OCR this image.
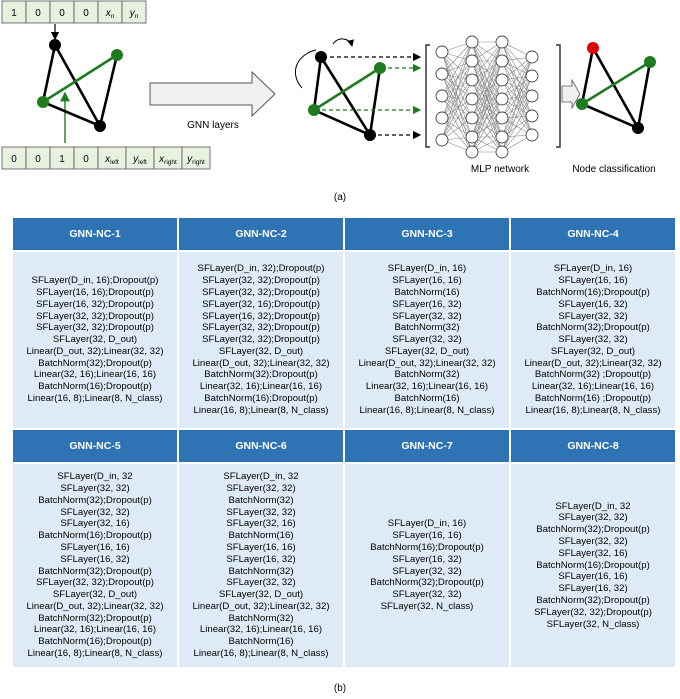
1 0 0 0 $x_n$ $y_n$
0 0 1 0 $x_{left}$ $y_{left}$ $x_{right}$ $y_{right}$
GNN layers
MLP network	Node classification
(a)
GNN-NC-1
SFLayer(D_in, 16);Dropout(p)
SFLayer(16, 16);Dropout(p)
SFLayer(16, 32);Dropout(p)
SFLayer(32, 32);Dropout(p)
SFLayer(32, 32);Dropout(p)
SFLayer(32, D_out)
Linear(D_out, 32);Linear(32, 32)
BatchNorm(32);Dropout(p)
Linear(32, 16);Linear(16, 16)
BatchNorm(16);Dropout(p)
Linear(16, 8);Linear(8, N_class)
GNN-NC-2
SFLayer(D_in, 32);Dropout(p)
SFLayer(32, 32);Dropout(p)
SFLayer(32, 32);Dropout(p)
SFLayer(32, 16);Dropout(p)
SFLayer(16, 32);Dropout(p)
SFLayer(32, 32);Dropout(p)
SFLayer(32, 32);Dropout(p)
SFLayer(32, D_out)
Linear(D_out, 32);Linear(32, 32)
BatchNorm(32);Dropout(p)
Linear(32, 16);Linear(16, 16)
BatchNorm(16);Dropout(p)
Linear(16, 8);Linear(8, N_class)
GNN-NC-3
SFLayer(D_in, 16)
SFLayer(16, 16)
BatchNorm(16)
SFLayer(16, 32)
SFLayer(32, 32)
BatchNorm(32)
SFLayer(32, 32)
SFLayer(32, D_out)
Linear(D_out, 32);Linear(32, 32)
BatchNorm(32)
Linear(32, 16);Linear(16, 16)
BatchNorm(16)
Linear(16, 8);Linear(8, N_class)
GNN-NC-4
SFLayer(D_in, 16)
SFLayer(16, 16)
BatchNorm(16);Dropout(p)
SFLayer(16, 32)
SFLayer(32, 32)
BatchNorm(32);Dropout(p)
SFLayer(32, 32)
SFLayer(32, D_out)
Linear(D_out, 32);Linear(32, 32)
BatchNorm(32) ;Dropout(p)
Linear(32, 16);Linear(16, 16)
BatchNorm(16) ;Dropout(p)
Linear(16, 8);Linear(8, N_class)
GNN-NC-5
SFLayer(D_in, 32
SFLayer(32, 32)
BatchNorm(32);Dropout(p)
SFLayer(32, 32)
SFLayer(32, 16)
BatchNorm(16);Dropout(p)
SFLayer(16, 16)
SFLayer(16, 32)
BatchNorm(32);Dropout(p)
SFLayer(32, 32);Dropout(p)
SFLayer(32, D_out)
Linear(D_out, 32);Linear(32, 32)
BatchNorm(32);Dropout(p)
Linear(32, 16);Linear(16, 16)
BatchNorm(16);Dropout(p)
Linear(16, 8);Linear(8, N_class)
GNN-NC-6
SFLayer(D_in, 32
SFLayer(32, 32)
BatchNorm(32)
SFLayer(32, 32)
SFLayer(32, 16)
BatchNorm(16)
SFLayer(16, 16)
SFLayer(16, 32)
BatchNorm(32)
SFLayer(32, 32)
SFLayer(32, D_out)
Linear(D_out, 32);Linear(32, 32)
BatchNorm(32)
Linear(32, 16);Linear(16, 16)
BatchNorm(16)
Linear(16, 8);Linear(8, N_class)
GNN-NC-7
SFLayer(D_in, 16)
SFLayer(16, 16)
BatchNorm(16);Dropout(p)
SFLayer(16, 32)
SFLayer(32, 32)
BatchNorm(32);Dropout(p)
SFLayer(32, 32)
SFLayer(32, N_class)
GNN-NC-8
SFLayer(D_in, 32
SFLayer(32, 32)
BatchNorm(32);Dropout(p)
SFLayer(32, 32)
SFLayer(32, 16)
BatchNorm(16);Dropout(p)
SFLayer(16, 16)
SFLayer(16, 32)
BatchNorm(32);Dropout(p)
SFLayer(32, 32);Dropout(p)
SFLayer(32, N_class)
(b)
